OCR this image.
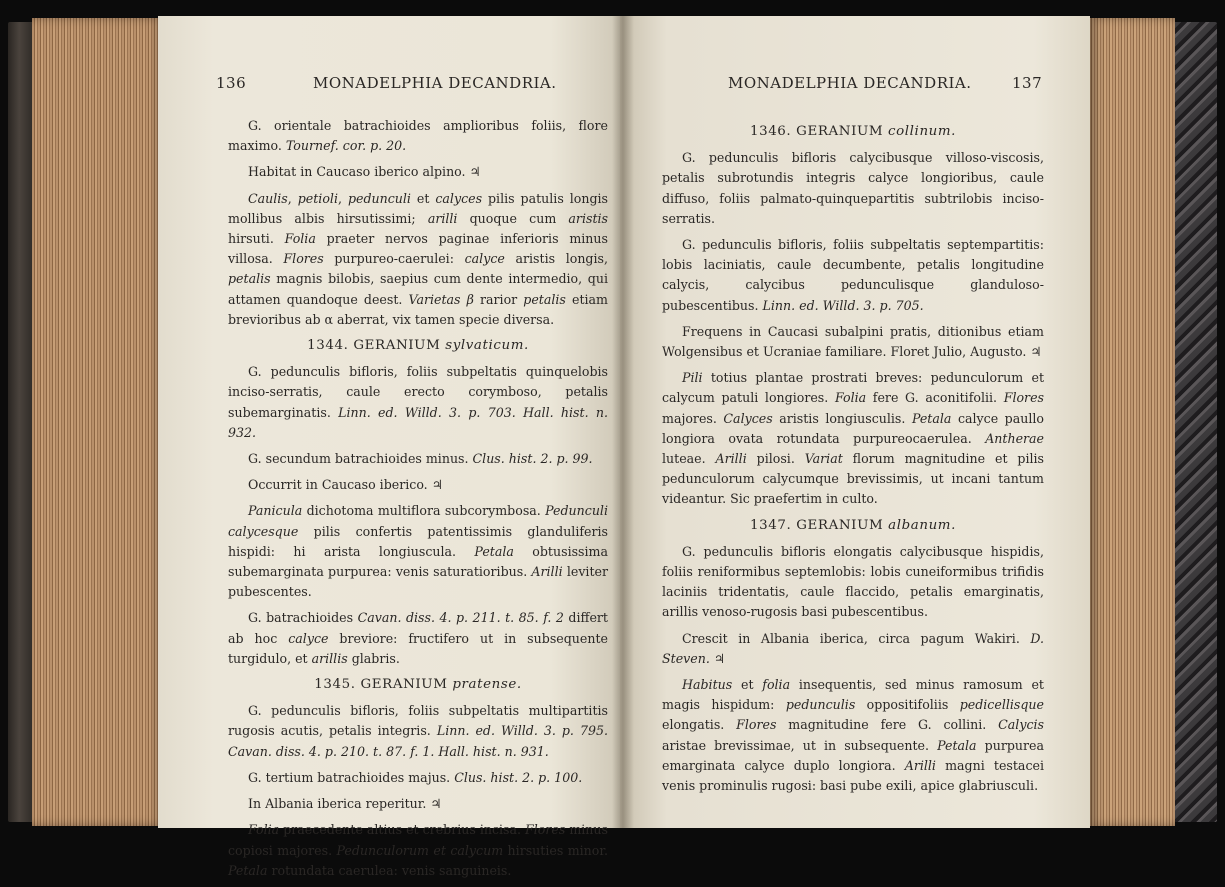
136	MONADELPHIA DECANDRIA.

G. orientale batrachioides amplioribus foliis, flore maximo. Tournef. cor. p. 20.

Habitat in Caucaso iberico alpino. ♃

Caulis, petioli, pedunculi et calyces pilis patulis longis mollibus albis hirsutissimi; arilli quoque cum aristis hirsuti. Folia praeter nervos paginae inferioris minus villosa. Flores purpureo-caerulei: calyce aristis longis, petalis magnis bilobis, saepius cum dente intermedio, qui attamen quandoque deest. Varietas β rarior petalis etiam brevioribus ab α aberrat, vix tamen specie diversa.

1344. GERANIUM sylvaticum.

G. pedunculis bifloris, foliis subpeltatis quinquelobis inciso-serratis, caule erecto corymboso, petalis subemarginatis. Linn. ed. Willd. 3. p. 703. Hall. hist. n. 932.

G. secundum batrachioides minus. Clus. hist. 2. p. 99.

Occurrit in Caucaso iberico. ♃

Panicula dichotoma multiflora subcorymbosa. Pedunculi calycesque pilis confertis patentissimis glanduliferis hispidi: hi arista longiuscula. Petala obtusissima subemarginata purpurea: venis saturatioribus. Arilli leviter pubescentes.

G. batrachioides Cavan. diss. 4. p. 211. t. 85. f. 2 differt ab hoc calyce breviore: fructifero ut in subsequente turgidulo, et arillis glabris.

1345. GERANIUM pratense.

G. pedunculis bifloris, foliis subpeltatis multipartitis rugosis acutis, petalis integris. Linn. ed. Willd. 3. p. 795. Cavan. diss. 4. p. 210. t. 87. f. 1. Hall. hist. n. 931.

G. tertium batrachioides majus. Clus. hist. 2. p. 100.

In Albania iberica reperitur. ♃

Folia praecedente altius et crebrius incisa. Flores minus copiosi majores. Pedunculorum et calycum hirsuties minor. Petala rotundata caerulea: venis sanguineis.

MONADELPHIA DECANDRIA.	137

1346. GERANIUM collinum.

G. pedunculis bifloris calycibusque villoso-viscosis, petalis subrotundis integris calyce longioribus, caule diffuso, foliis palmato-quinquepartitis subtrilobis inciso-serratis.

G. pedunculis bifloris, foliis subpeltatis septempartitis: lobis laciniatis, caule decumbente, petalis longitudine calycis, calycibus pedunculisque glanduloso-pubescentibus. Linn. ed. Willd. 3. p. 705.

Frequens in Caucasi subalpini pratis, ditionibus etiam Wolgensibus et Ucraniae familiare. Floret Julio, Augusto. ♃

Pili totius plantae prostrati breves: pedunculorum et calycum patuli longiores. Folia fere G. aconitifolii. Flores majores. Calyces aristis longiusculis. Petala calyce paullo longiora ovata rotundata purpureocaerulea. Antherae luteae. Arilli pilosi. Variat florum magnitudine et pilis pedunculorum calycumque brevissimis, ut incani tantum videantur. Sic praefertim in culto.

1347. GERANIUM albanum.

G. pedunculis bifloris elongatis calycibusque hispidis, foliis reniformibus septemlobis: lobis cuneiformibus trifidis laciniis tridentatis, caule flaccido, petalis emarginatis, arillis venoso-rugosis basi pubescentibus.

Crescit in Albania iberica, circa pagum Wakiri. D. Steven. ♃

Habitus et folia insequentis, sed minus ramosum et magis hispidum: pedunculis oppositifoliis pedicellisque elongatis. Flores magnitudine fere G. collini. Calycis aristae brevissimae, ut in subsequente. Petala purpurea emarginata calyce duplo longiora. Arilli magni testacei venis prominulis rugosi: basi pube exili, apice glabriusculi.
